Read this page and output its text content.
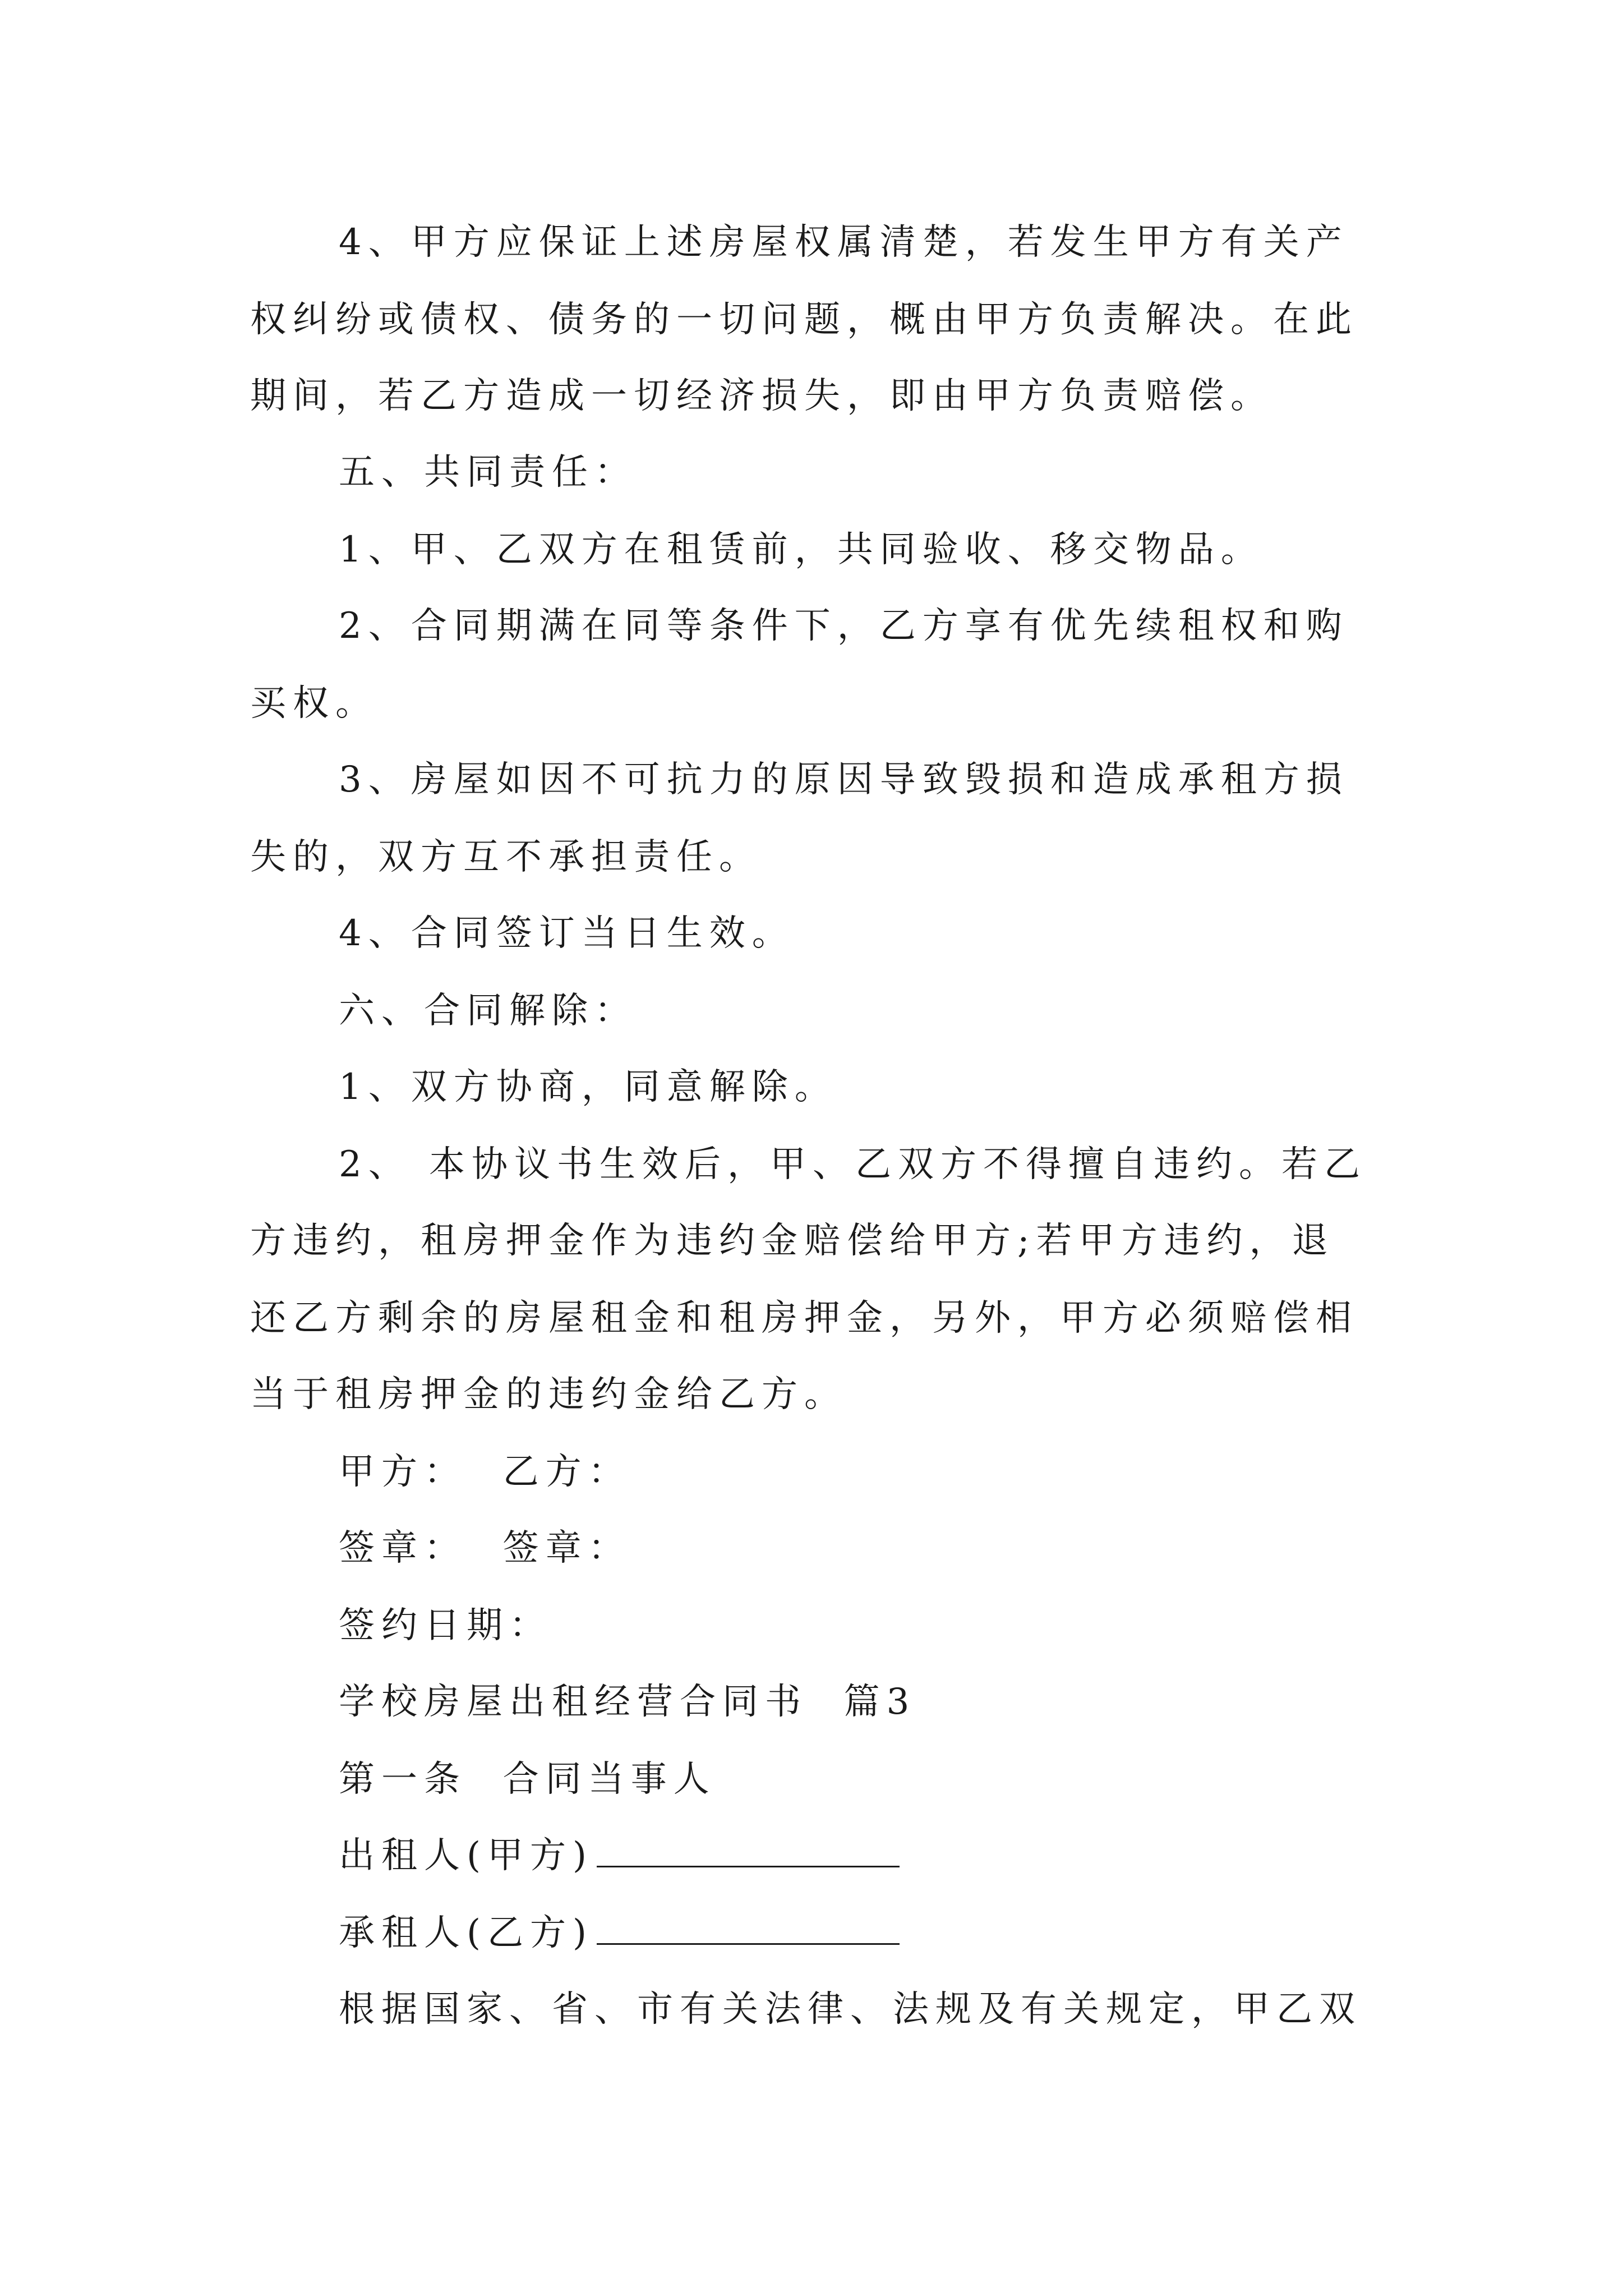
4、甲方应保证上述房屋权属清楚，若发生甲方有关产
权纠纷或债权、债务的一切问题，概由甲方负责解决。在此
期间，若乙方造成一切经济损失，即由甲方负责赔偿。
五、共同责任：
1、甲、乙双方在租赁前，共同验收、移交物品。
2、合同期满在同等条件下，乙方享有优先续租权和购
买权。
3、房屋如因不可抗力的原因导致毁损和造成承租方损
失的，双方互不承担责任。
4、合同签订当日生效。
六、合同解除：
1、双方协商，同意解除。
2、 本协议书生效后，甲、乙双方不得擅自违约。若乙
方违约，租房押金作为违约金赔偿给甲方;若甲方违约，退
还乙方剩余的房屋租金和租房押金，另外，甲方必须赔偿相
当于租房押金的违约金给乙方。
甲方：  乙方：
签章：  签章：
签约日期：
学校房屋出租经营合同书  篇3
第一条  合同当事人
出租人(甲方)
承租人(乙方)
根据国家、省、市有关法律、法规及有关规定，甲乙双
